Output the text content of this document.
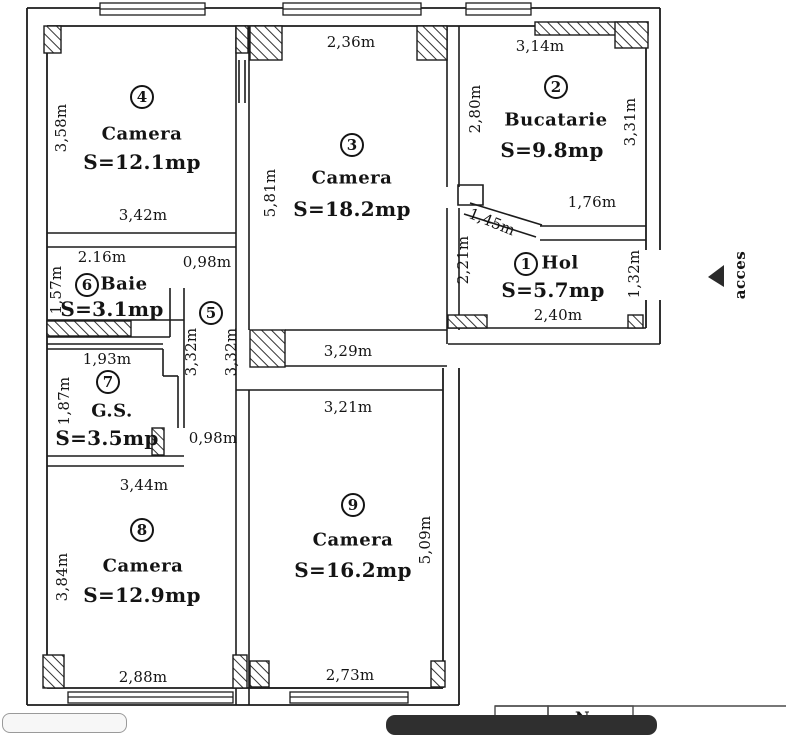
4
Camera
S=12.1mp
3
Camera
S=18.2mp
2
Bucatarie
S=9.8mp
1 Hol
S=5.7mp
6 Baie
S=3.1mp	5
7
G.S.
S=3.5mp
8
Camera
S=12.9mp
9
Camera
S=16.2mp
3,58m
3,42m
2,36m
5,81m
3,14m
2,80m	3,31m
1,76m
1,45m
2,21m	1,32m
2,40m
2.16m
1,57m
0,98m
3,32m 3,32m	3,29m
3,21m
1,93m
1,87m
0,98m
3,44m
3,84m
5,09m
2,88m	2,73m
acces
